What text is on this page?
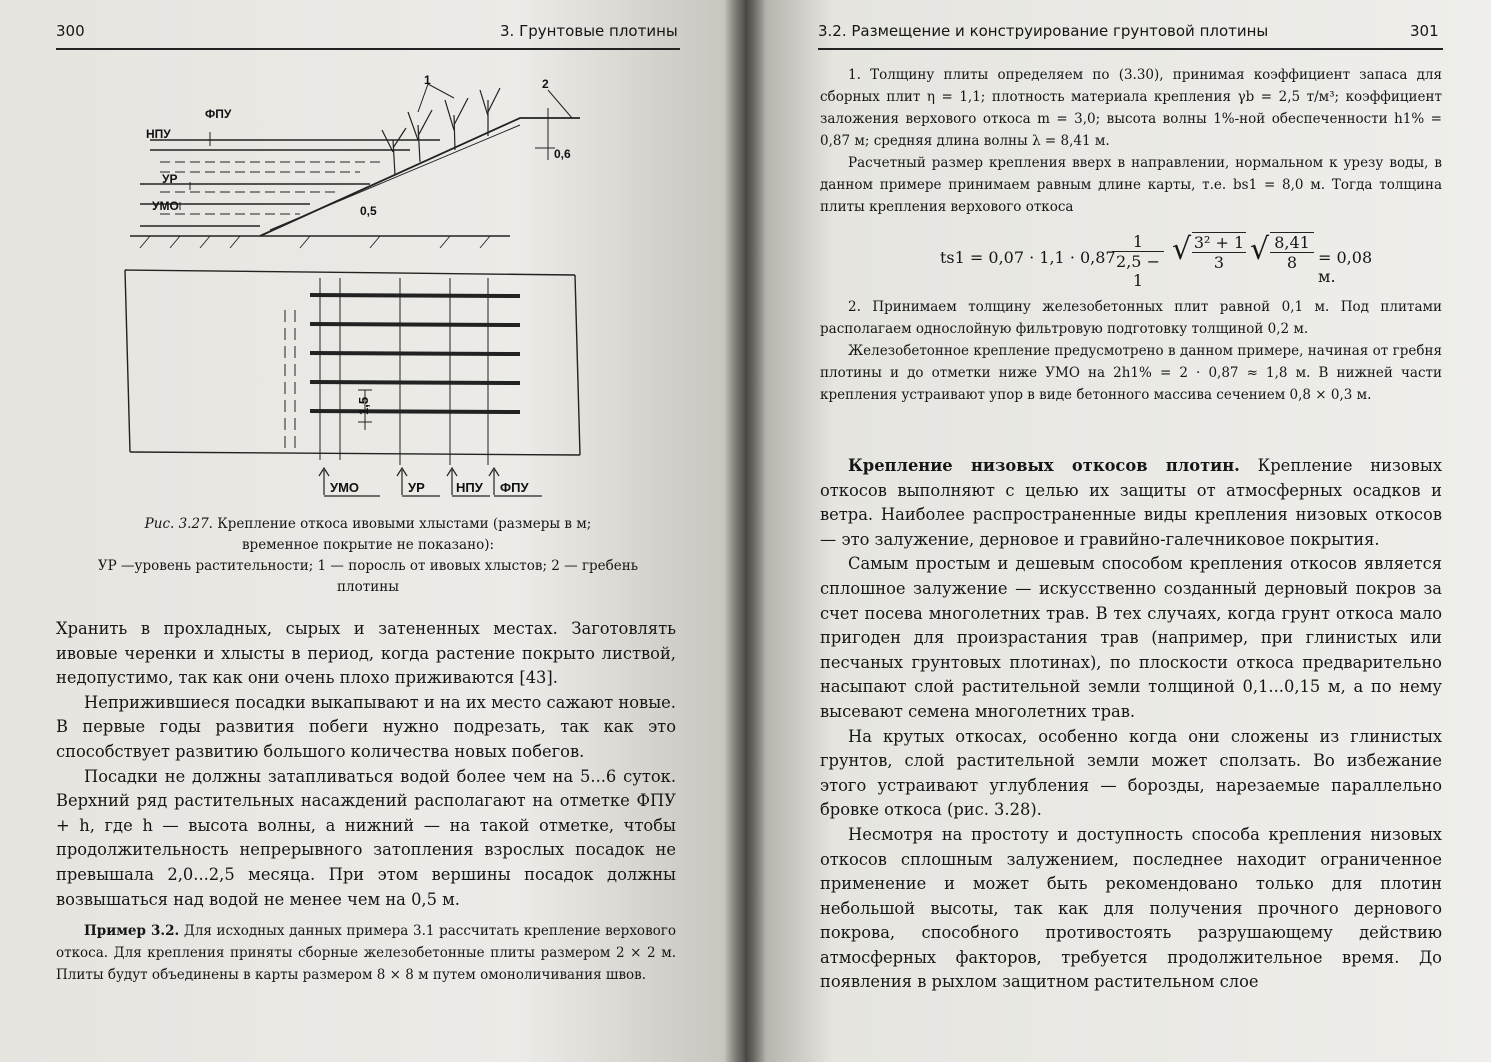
300	3. Грунтовые плотины
ФПУ
НПУ
УР
УМО
1	2
0,6
0,5
1,5
УМО	УР НПУ ФПУ
Рис. 3.27. Крепление откоса ивовыми хлыстами (размеры в м;
временное покрытие не показано):
УР —уровень растительности; 1 — поросль от ивовых хлыстов; 2 — гребень
плотины

Хранить в прохладных, сырых и затененных местах. Заготовлять ивовые черенки и хлысты в период, когда растение покрыто листвой, недопустимо, так как они очень плохо приживаются [43].

Неприжившиеся посадки выкапывают и на их место сажают новые. В первые годы развития побеги нужно подрезать, так как это способствует развитию большого количества новых побегов.

Посадки не должны затапливаться водой более чем на 5...6 суток. Верхний ряд растительных насаждений располагают на отметке ФПУ + h, где h — высота волны, а нижний — на такой отметке, чтобы продолжительность непрерывного затопления взрослых посадок не превышала 2,0...2,5 месяца. При этом вершины посадок должны возвышаться над водой не менее чем на 0,5 м.

Пример 3.2. Для исходных данных примера 3.1 рассчитать крепление верхового откоса. Для крепления приняты сборные железобетонные плиты размером 2 × 2 м. Плиты будут объединены в карты размером 8 × 8 м путем омоноличивания швов.

3.2. Размещение и конструирование грунтовой плотины	301

1. Толщину плиты определяем по (3.30), принимая коэффициент запаса для сборных плит η = 1,1; плотность материала крепления γb = 2,5 т/м³; коэффициент заложения верхового откоса m = 3,0; высота волны 1%-ной обеспеченности h1% = 0,87 м; средняя длина волны λ = 8,41 м.

Расчетный размер крепления вверх в направлении, нормальном к урезу воды, в данном примере принимаем равным длине карты, т.е. bs1 = 8,0 м. Тогда толщина плиты крепления верхового откоса

ts1 = 0,07 · 1,1 · 0,87
$\frac{1}{2,5 - 1}$ √ $\frac{\text{3² + 1}}{3}$ √ $\frac{8,41}{8} = 0,08$ м.

2. Принимаем толщину железобетонных плит равной 0,1 м. Под плитами располагаем однослойную фильтровую подготовку толщиной 0,2 м.

Железобетонное крепление предусмотрено в данном примере, начиная от гребня плотины и до отметки ниже УМО на 2h1% = 2 · 0,87 ≈ 1,8 м. В нижней части крепления устраивают упор в виде бетонного массива сечением 0,8 × 0,3 м.

Крепление низовых откосов плотин. Крепление низовых откосов выполняют с целью их защиты от атмосферных осадков и ветра. Наиболее распространенные виды крепления низовых откосов — это залужение, дерновое и гравийно-галечниковое покрытия.

Самым простым и дешевым способом крепления откосов является сплошное залужение — искусственно созданный дерновый покров за счет посева многолетних трав. В тех случаях, когда грунт откоса мало пригоден для произрастания трав (например, при глинистых или песчаных грунтовых плотинах), по плоскости откоса предварительно насыпают слой растительной земли толщиной 0,1...0,15 м, а по нему высевают семена многолетних трав.

На крутых откосах, особенно когда они сложены из глинистых грунтов, слой растительной земли может сползать. Во избежание этого устраивают углубления — борозды, нарезаемые параллельно бровке откоса (рис. 3.28).

Несмотря на простоту и доступность способа крепления низовых откосов сплошным залужением, последнее находит ограниченное применение и может быть рекомендовано только для плотин небольшой высоты, так как для получения прочного дернового покрова, способного противостоять разрушающему действию атмосферных факторов, требуется продолжительное время. До появления в рыхлом защитном растительном слое
